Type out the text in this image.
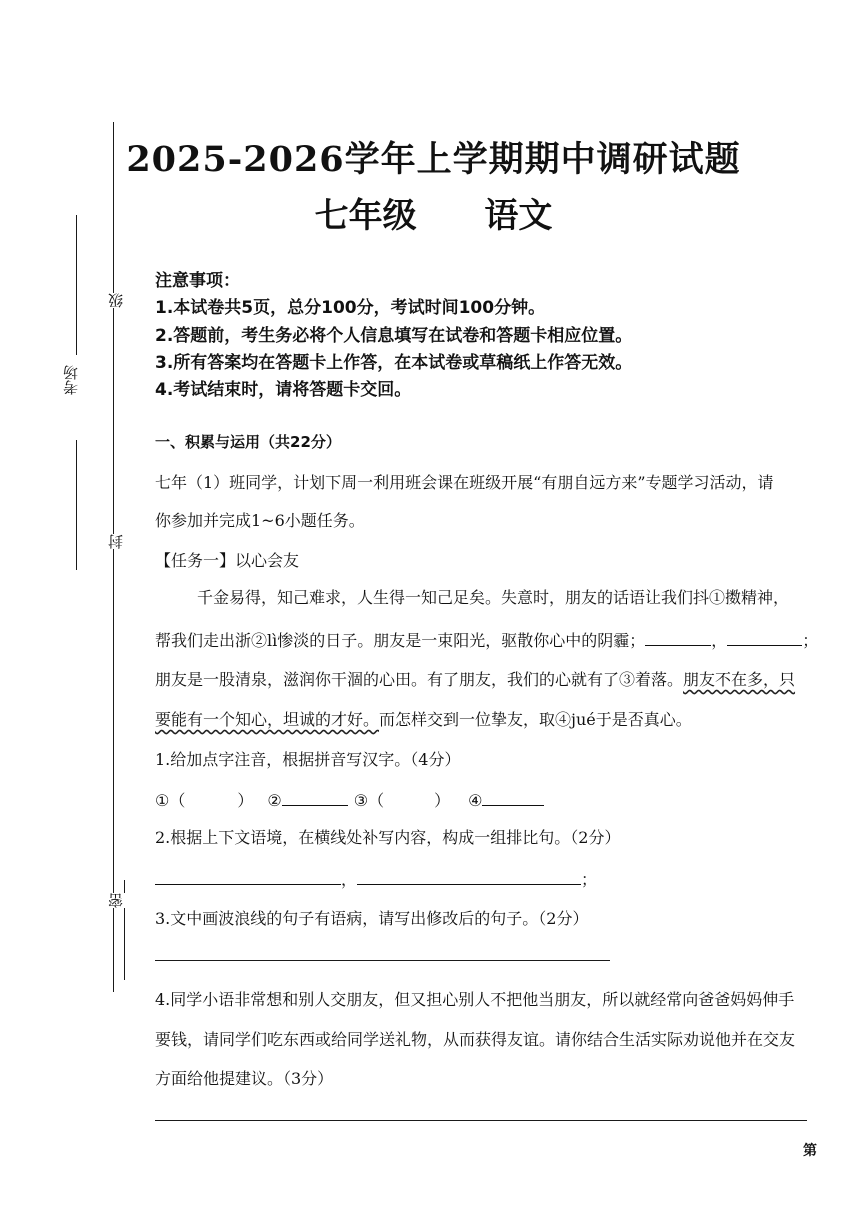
考场
级
封
密
2025-2026学年上学期期中调研试题
七年级 语文
注意事项：
1.本试卷共5页，总分100分，考试时间100分钟。
2.答题前，考生务必将个人信息填写在试卷和答题卡相应位置。
3.所有答案均在答题卡上作答，在本试卷或草稿纸上作答无效。
4.考试结束时，请将答题卡交回。
一、积累与运用（共22分）
七年（1）班同学，计划下周一利用班会课在班级开展“有朋自远方来”专题学习活动，请
你参加并完成1~6小题任务。
【任务一】以心会友
千金易得，知己难求，人生得一知己足矣。失意时，朋友的话语让我们抖①擞精神，
帮我们走出浙②lì惨淡的日子。朋友是一束阳光，驱散你心中的阴霾；	，	；
朋友是一股清泉，滋润你干涸的心田。有了朋友，我们的心就有了③着落。朋友不在多，只
要能有一个知心，坦诚的才好。而怎样交到一位挚友，取④jué于是否真心。
1.给加点字注音，根据拼音写汉字。（4分）
①（	） ②	③（	） ④
2.根据上下文语境，在横线处补写内容，构成一组排比句。（2分）
，	；
3.文中画波浪线的句子有语病，请写出修改后的句子。（2分）
4.同学小语非常想和别人交朋友，但又担心别人不把他当朋友，所以就经常向爸爸妈妈伸手
要钱，请同学们吃东西或给同学送礼物，从而获得友谊。请你结合生活实际劝说他并在交友
方面给他提建议。（3分）
第
